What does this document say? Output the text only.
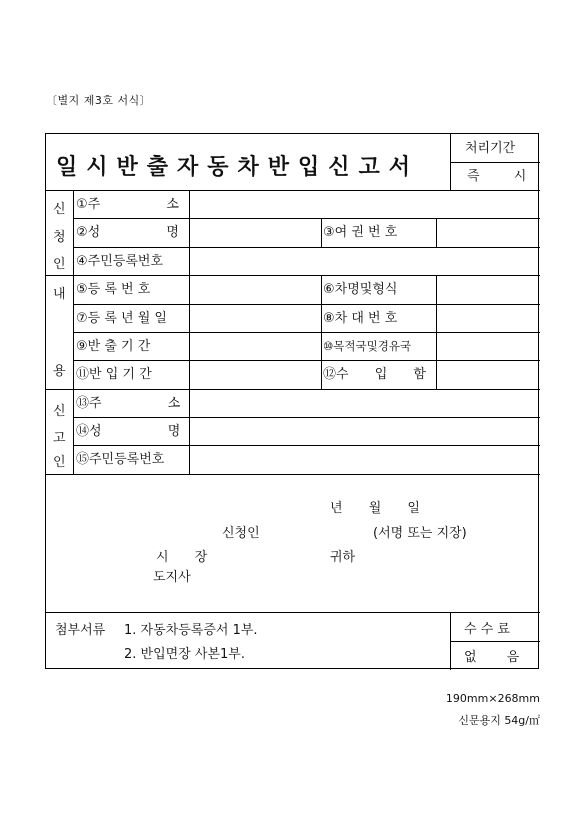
〔별지 제3호 서식〕
일시반출자동차반입신고서
처리기간
즉 시
신
청
인
내
용
신
고
인
①주 소
②성 명	③여 권 번 호
④주민등록번호
⑤등 록 번 호	⑥차명및형식
⑦등 록 년 월 일	⑧차 대 번 호
⑨반 출 기 간	⑩목적국및경유국
⑪반 입 기 간	⑫수 입 함
⑬주 소
⑭성 명
⑮주민등록번호
년 월 일
신청인	(서명 또는 지장)
시 장	귀하
도지사
첨부서류 1. 자동차등록증서 1부.
2. 반입면장 사본1부.
수 수 료
없 음
190mm×268mm
신문용지 54g/㎡
